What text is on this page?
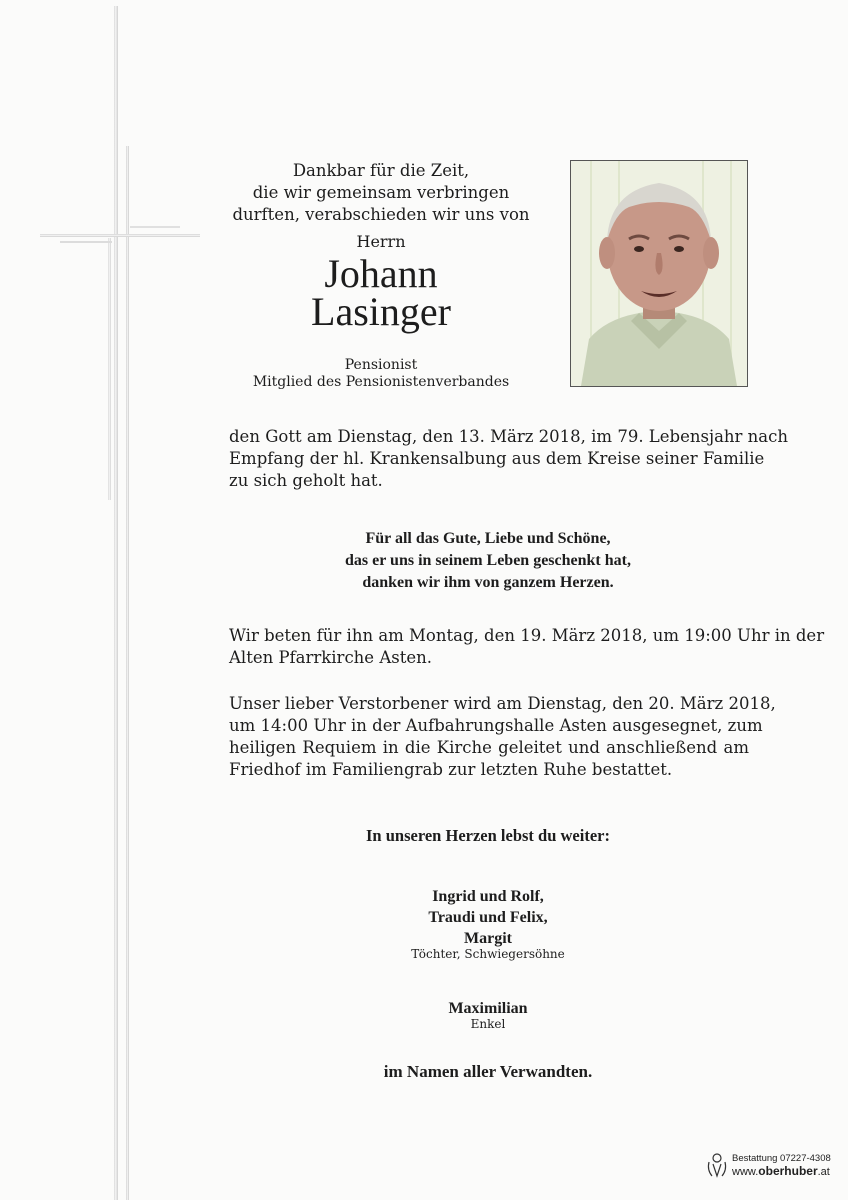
Dankbar für die Zeit,
die wir gemeinsam verbringen
durften, verabschieden wir uns von
Herrn
Johann
Lasinger
Pensionist
Mitglied des Pensionistenverbandes
den Gott am Dienstag, den 13. März 2018, im 79. Lebensjahr nach
Empfang der hl. Krankensalbung aus dem Kreise seiner Familie
zu sich geholt hat.
Für all das Gute, Liebe und Schöne,
das er uns in seinem Leben geschenkt hat,
danken wir ihm von ganzem Herzen.
Wir beten für ihn am Montag, den 19. März 2018, um 19:00 Uhr in der
Alten Pfarrkirche Asten.
Unser lieber Verstorbener wird am Dienstag, den 20. März 2018,
um 14:00 Uhr in der Aufbahrungshalle Asten ausgesegnet, zum
heiligen Requiem in die Kirche geleitet und anschließend am
Friedhof im Familiengrab zur letzten Ruhe bestattet.
In unseren Herzen lebst du weiter:
Ingrid und Rolf,
Traudi und Felix,
Margit
Töchter, Schwiegersöhne
Maximilian
Enkel
im Namen aller Verwandten.
Bestattung 07227-4308
www.oberhuber.at
